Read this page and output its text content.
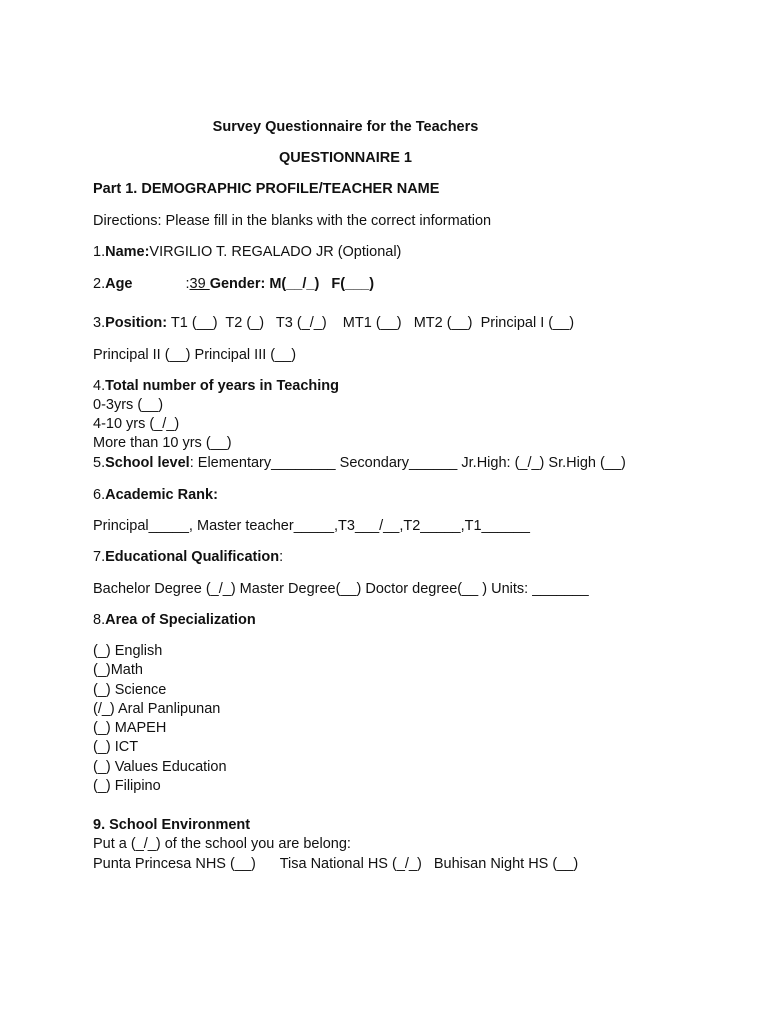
Survey Questionnaire for the Teachers
QUESTIONNAIRE 1
Part 1. DEMOGRAPHIC PROFILE/TEACHER NAME
Directions: Please fill in the blanks with the correct information
1.Name:VIRGILIO T. REGALADO JR (Optional)
2.Age	:39 Gender: M(__/_)   F(___)
3.Position: T1 (__)  T2 (_)   T3 (_/_)    MT1 (__)   MT2 (__)  Principal I (__)
Principal II (__) Principal III (__)
4.Total number of years in Teaching
0-3yrs (__)
4-10 yrs (_/_)
More than 10 yrs (__)
5.School level: Elementary________ Secondary______ Jr.High: (_/_) Sr.High (__)
6.Academic Rank:
Principal_____, Master teacher_____,T3___/__,T2_____,T1______
7.Educational Qualification:
Bachelor Degree (_/_) Master Degree(__) Doctor degree(__ ) Units: _______
8.Area of Specialization
(_) English
(_)Math
(_) Science
(/_) Aral Panlipunan
(_) MAPEH
(_) ICT
(_) Values Education
(_) Filipino
9. School Environment
Put a (_/_) of the school you are belong:
Punta Princesa NHS (__)      Tisa National HS (_/_)   Buhisan Night HS (__)
